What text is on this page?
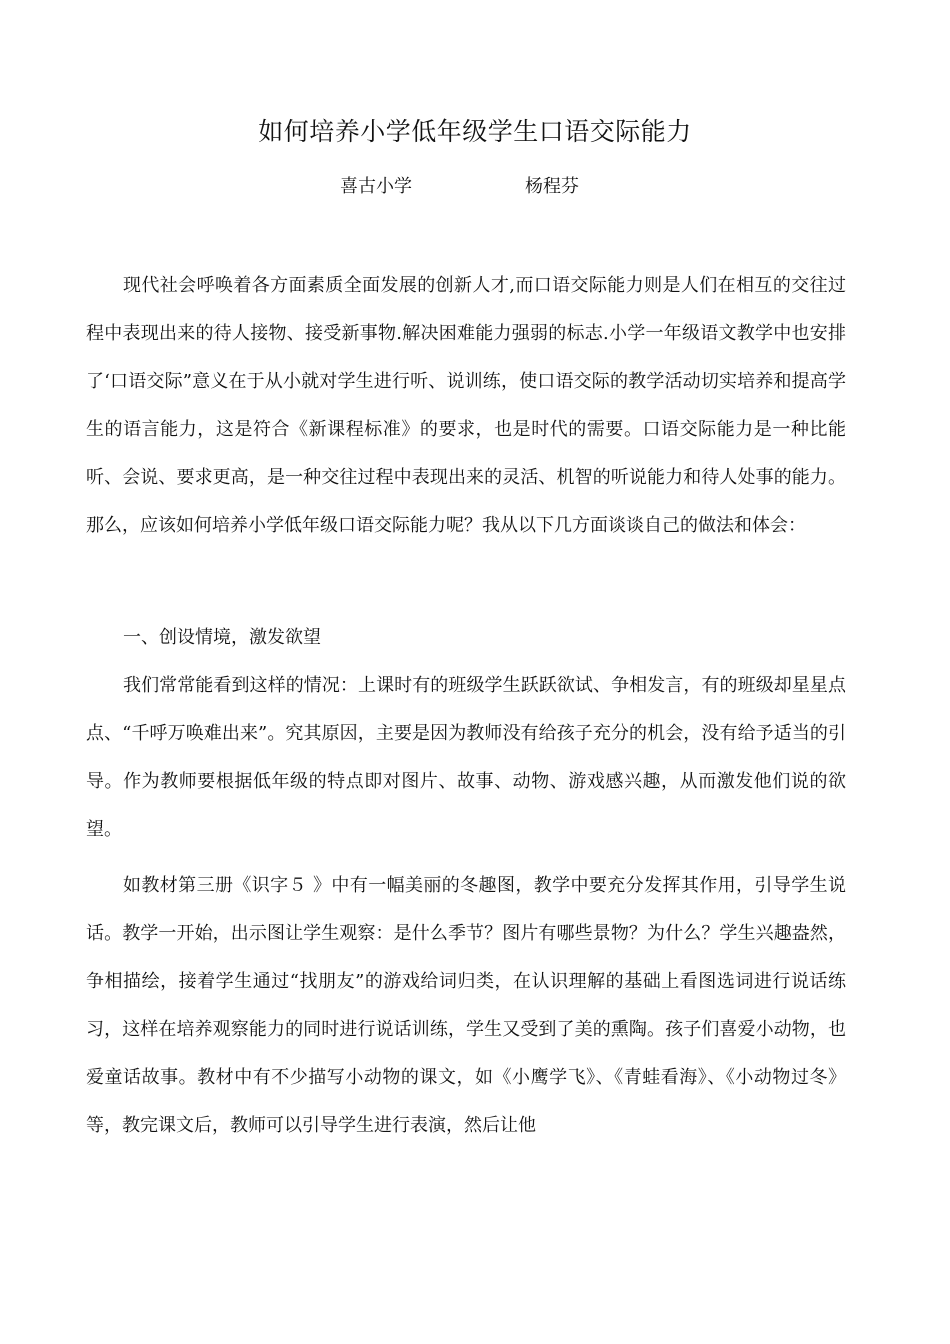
如何培养小学低年级学生口语交际能力
喜古小学	杨程芬

现代社会呼唤着各方面素质全面发展的创新人才,而口语交际能力则是人们在相互的交往过程中表现出来的待人接物、接受新事物.解决困难能力强弱的标志.小学一年级语文教学中也安排了‘口语交际”意义在于从小就对学生进行听、说训练，使口语交际的教学活动切实培养和提高学生的语言能力，这是符合《新课程标准》的要求，也是时代的需要。口语交际能力是一种比能听、会说、要求更高，是一种交往过程中表现出来的灵活、机智的听说能力和待人处事的能力。那么，应该如何培养小学低年级口语交际能力呢？我从以下几方面谈谈自己的做法和体会：

一、创设情境，激发欲望

我们常常能看到这样的情况：上课时有的班级学生跃跃欲试、争相发言，有的班级却星星点点、“千呼万唤难出来”。究其原因，主要是因为教师没有给孩子充分的机会，没有给予适当的引导。作为教师要根据低年级的特点即对图片、故事、动物、游戏感兴趣，从而激发他们说的欲望。

如教材第三册《识字５ 》中有一幅美丽的冬趣图，教学中要充分发挥其作用，引导学生说话。教学一开始，出示图让学生观察：是什么季节？图片有哪些景物？为什么？学生兴趣盎然，争相描绘，接着学生通过“找朋友”的游戏给词归类，在认识理解的基础上看图选词进行说话练习，这样在培养观察能力的同时进行说话训练，学生又受到了美的熏陶。孩子们喜爱小动物，也爱童话故事。教材中有不少描写小动物的课文，如《小鹰学飞》、《青蛙看海》、《小动物过冬》等，教完课文后，教师可以引导学生进行表演，然后让他
